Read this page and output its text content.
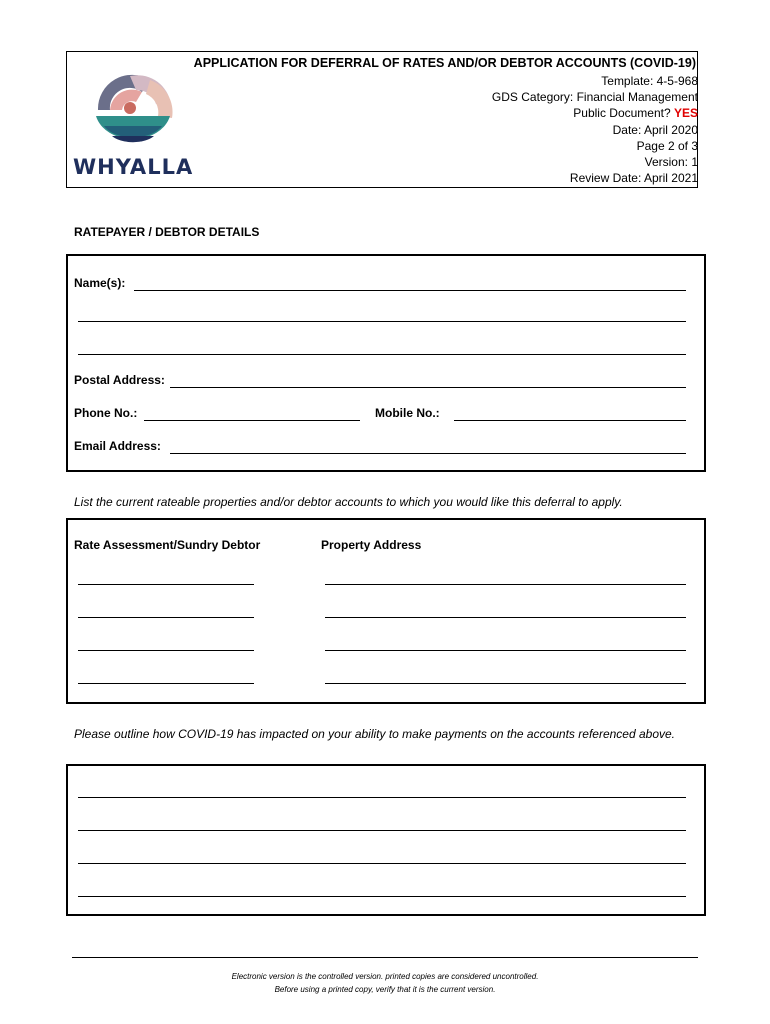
WHYALLA
APPLICATION FOR DEFERRAL OF RATES AND/OR DEBTOR ACCOUNTS (COVID-19)
Template: 4-5-968
GDS Category: Financial Management
Public Document? YES
Date: April 2020
Page 2 of 3
Version: 1
Review Date: April 2021
RATEPAYER / DEBTOR DETAILS
Name(s):
Postal Address:
Phone No.:	Mobile No.:
Email Address:
List the current rateable properties and/or debtor accounts to which you would like this deferral to apply.
Rate Assessment/Sundry Debtor	Property Address
Please outline how COVID-19 has impacted on your ability to make payments on the accounts referenced above.
Electronic version is the controlled version. printed copies are considered uncontrolled.
Before using a printed copy, verify that it is the current version.
